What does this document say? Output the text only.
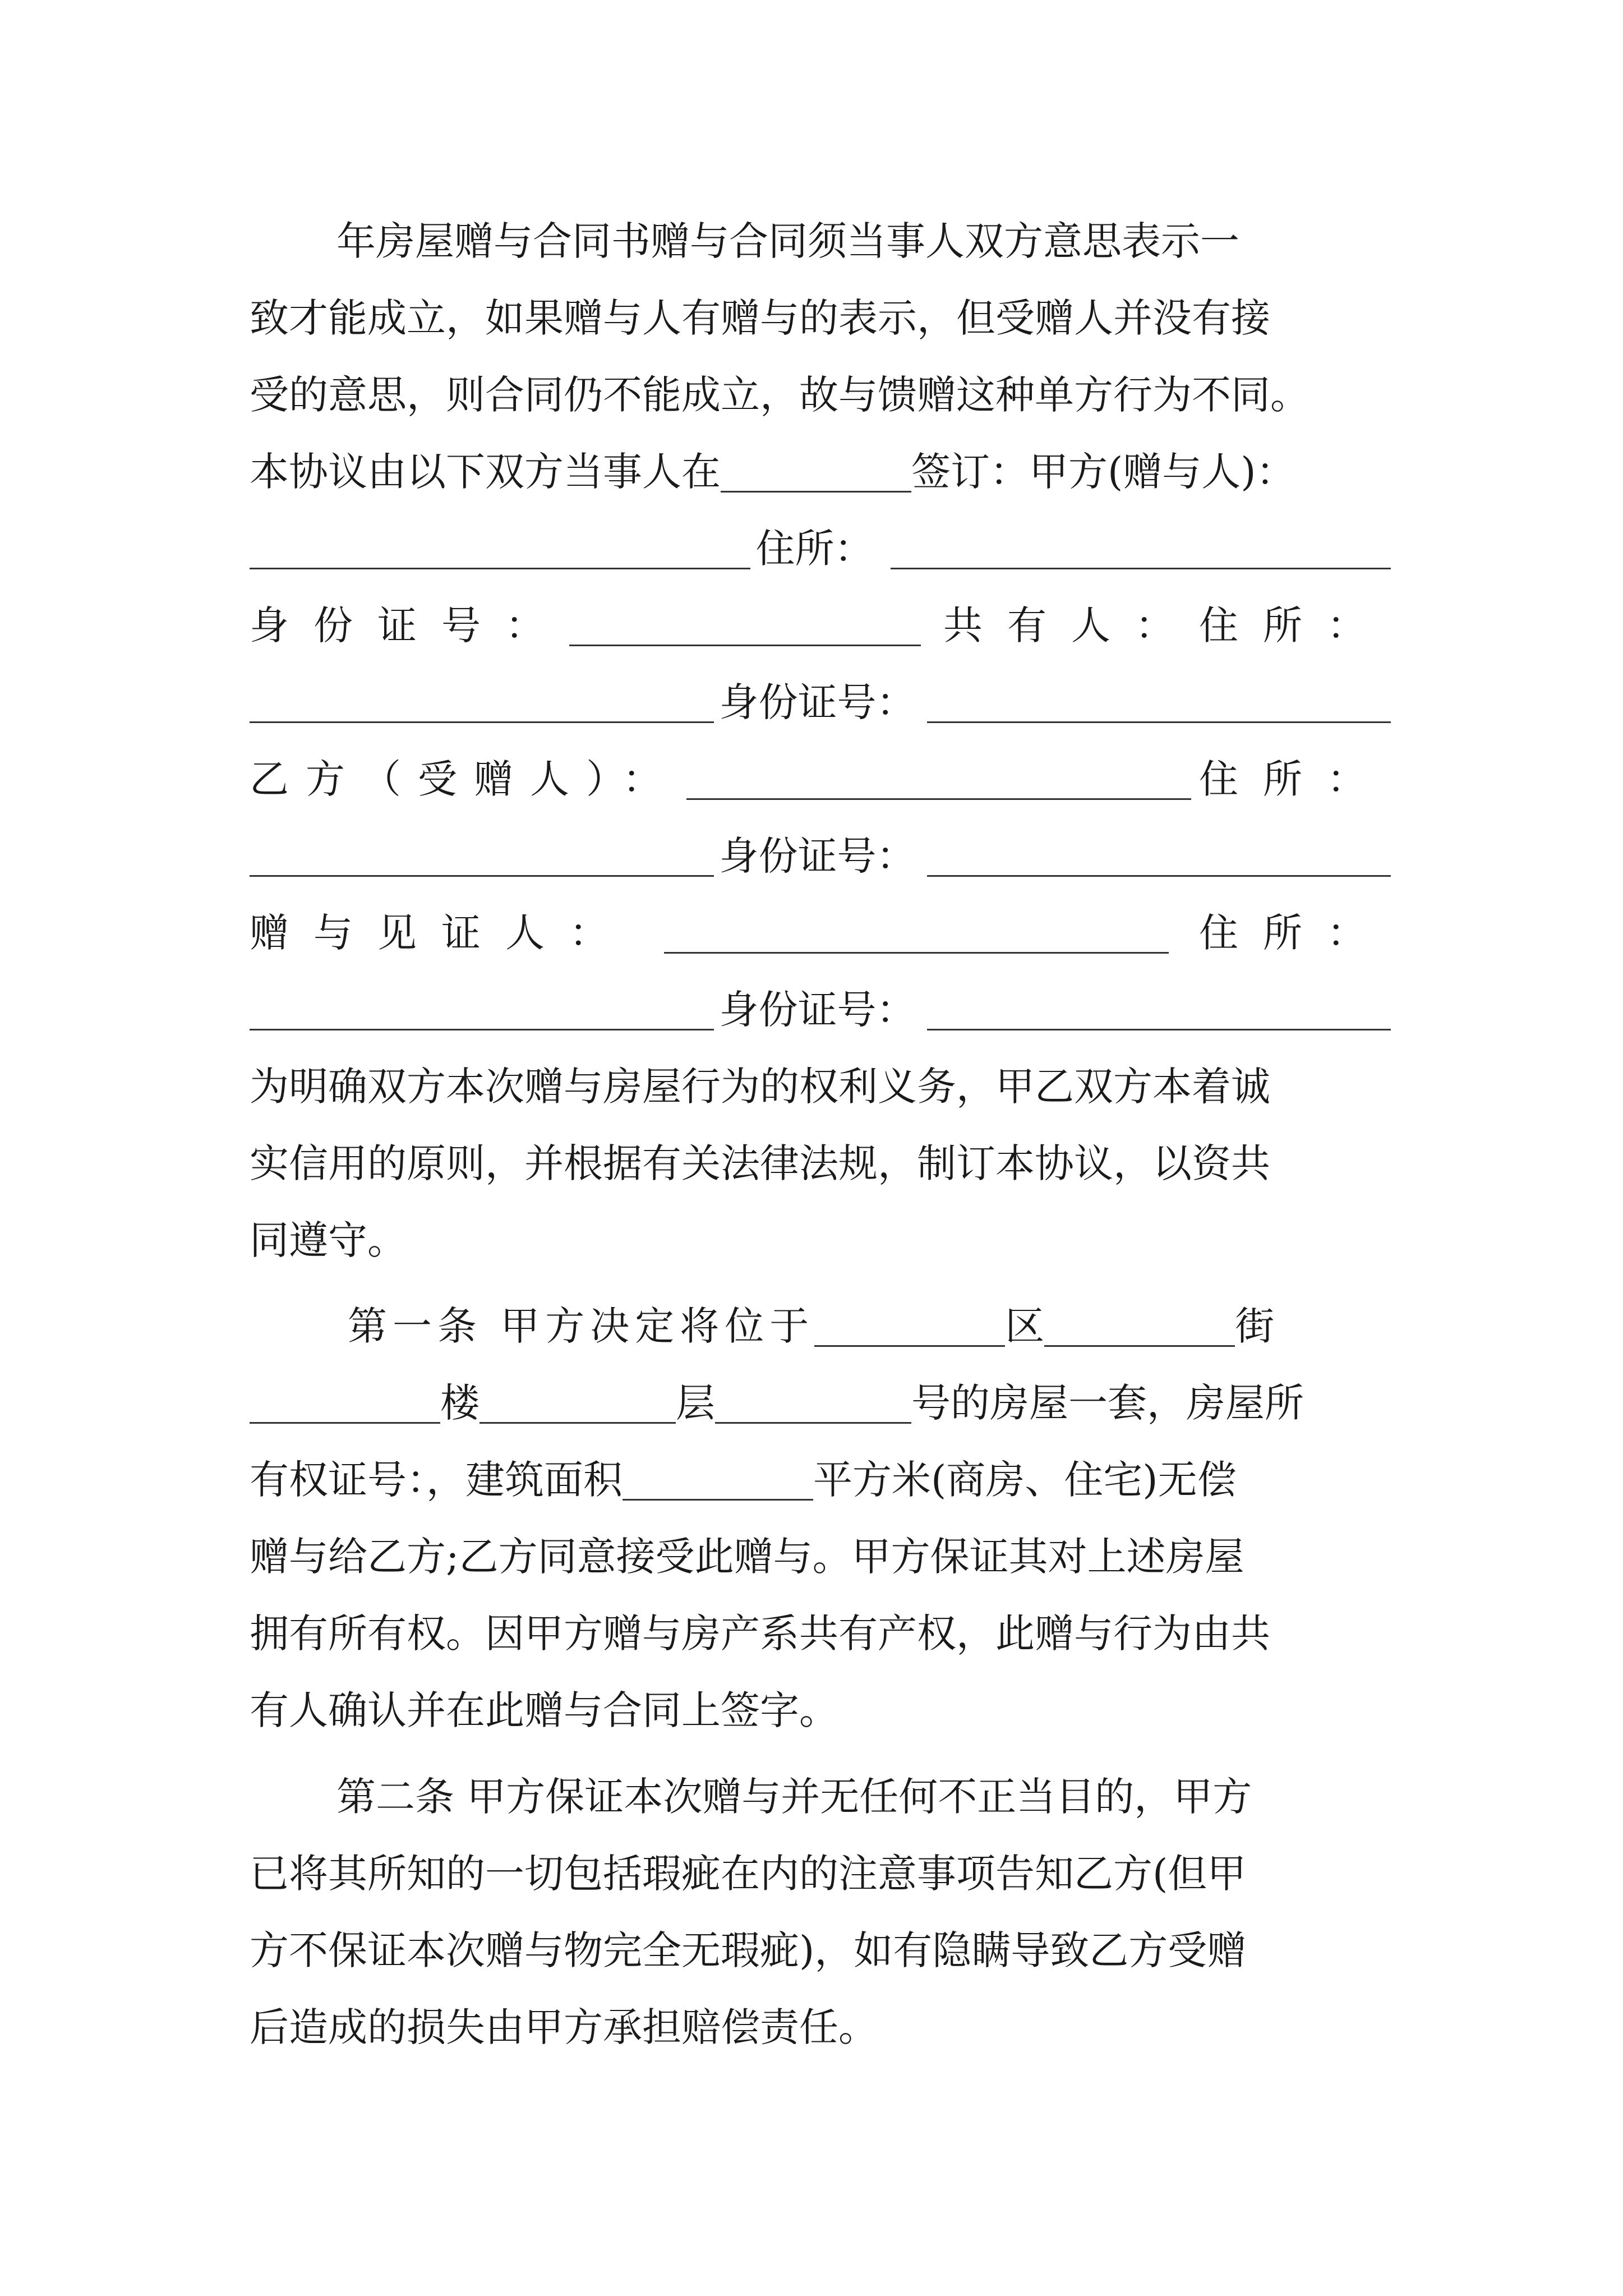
年房屋赠与合同书赠与合同须当事人双方意思表示一
致才能成立，如果赠与人有赠与的表示，但受赠人并没有接
受的意思，则合同仍不能成立，故与馈赠这种单方行为不同。
本协议由以下双方当事人在	签订：甲方(赠与人)：
住所：
身份证号：	共有人：住所：
身份证号：
乙方（受赠人）：	住所：
身份证号：
赠与见证人：	住所：
身份证号：
为明确双方本次赠与房屋行为的权利义务，甲乙双方本着诚
实信用的原则，并根据有关法律法规，制订本协议，以资共
同遵守。
第一条 甲方决定将位于	区	街
楼	层	号的房屋一套，房屋所
有权证号：，建筑面积	平方米(商房、住宅)无偿
赠与给乙方;乙方同意接受此赠与。甲方保证其对上述房屋
拥有所有权。因甲方赠与房产系共有产权，此赠与行为由共
有人确认并在此赠与合同上签字。
第二条 甲方保证本次赠与并无任何不正当目的，甲方
已将其所知的一切包括瑕疵在内的注意事项告知乙方(但甲
方不保证本次赠与物完全无瑕疵)，如有隐瞒导致乙方受赠
后造成的损失由甲方承担赔偿责任。
